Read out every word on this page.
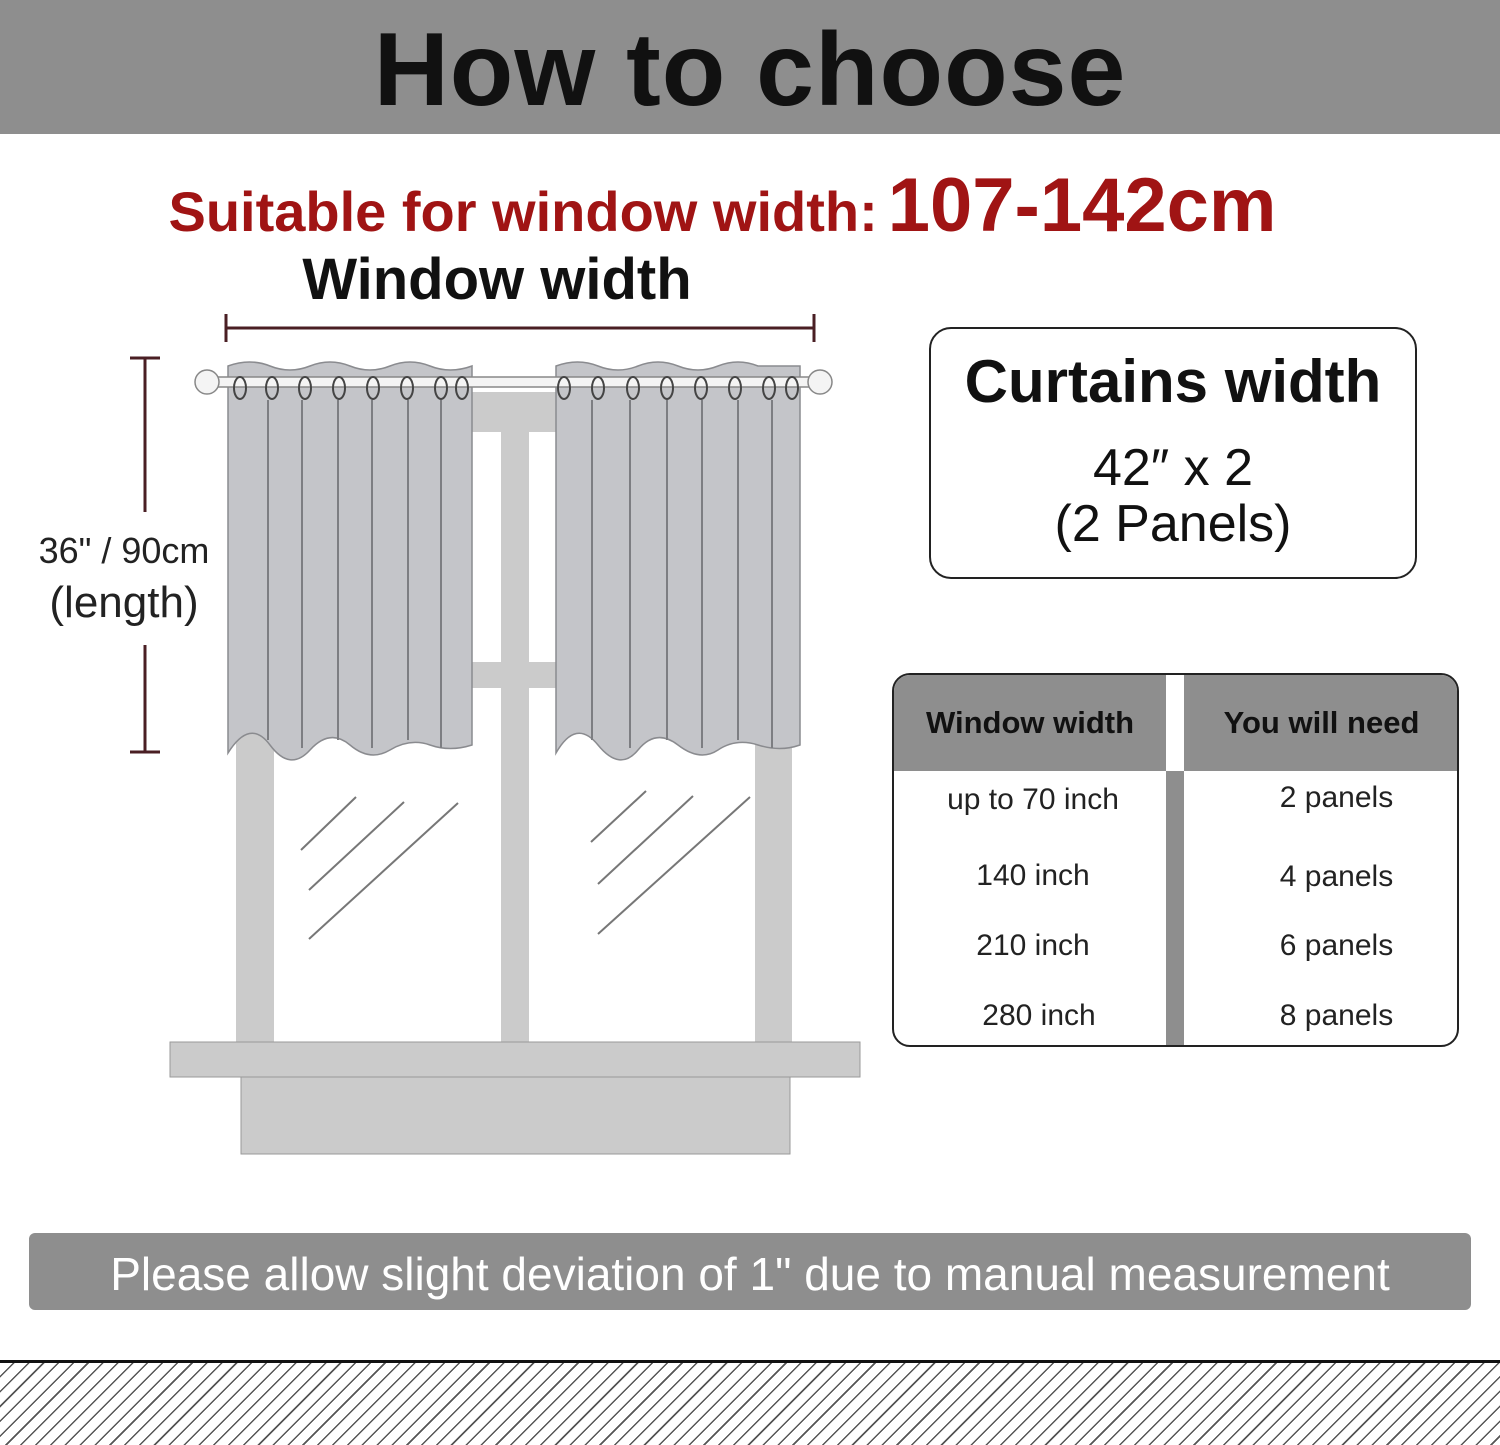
How to choose
Suitable for window width: 107-142cm
Window width
36" / 90cm
(length)
Curtains width
42″ x 2
(2 Panels)
Window width	You will need
up to 70 inch	2 panels
140 inch	4 panels
210 inch	6 panels
280 inch	8 panels
Please allow slight deviation of 1" due to manual measurement
